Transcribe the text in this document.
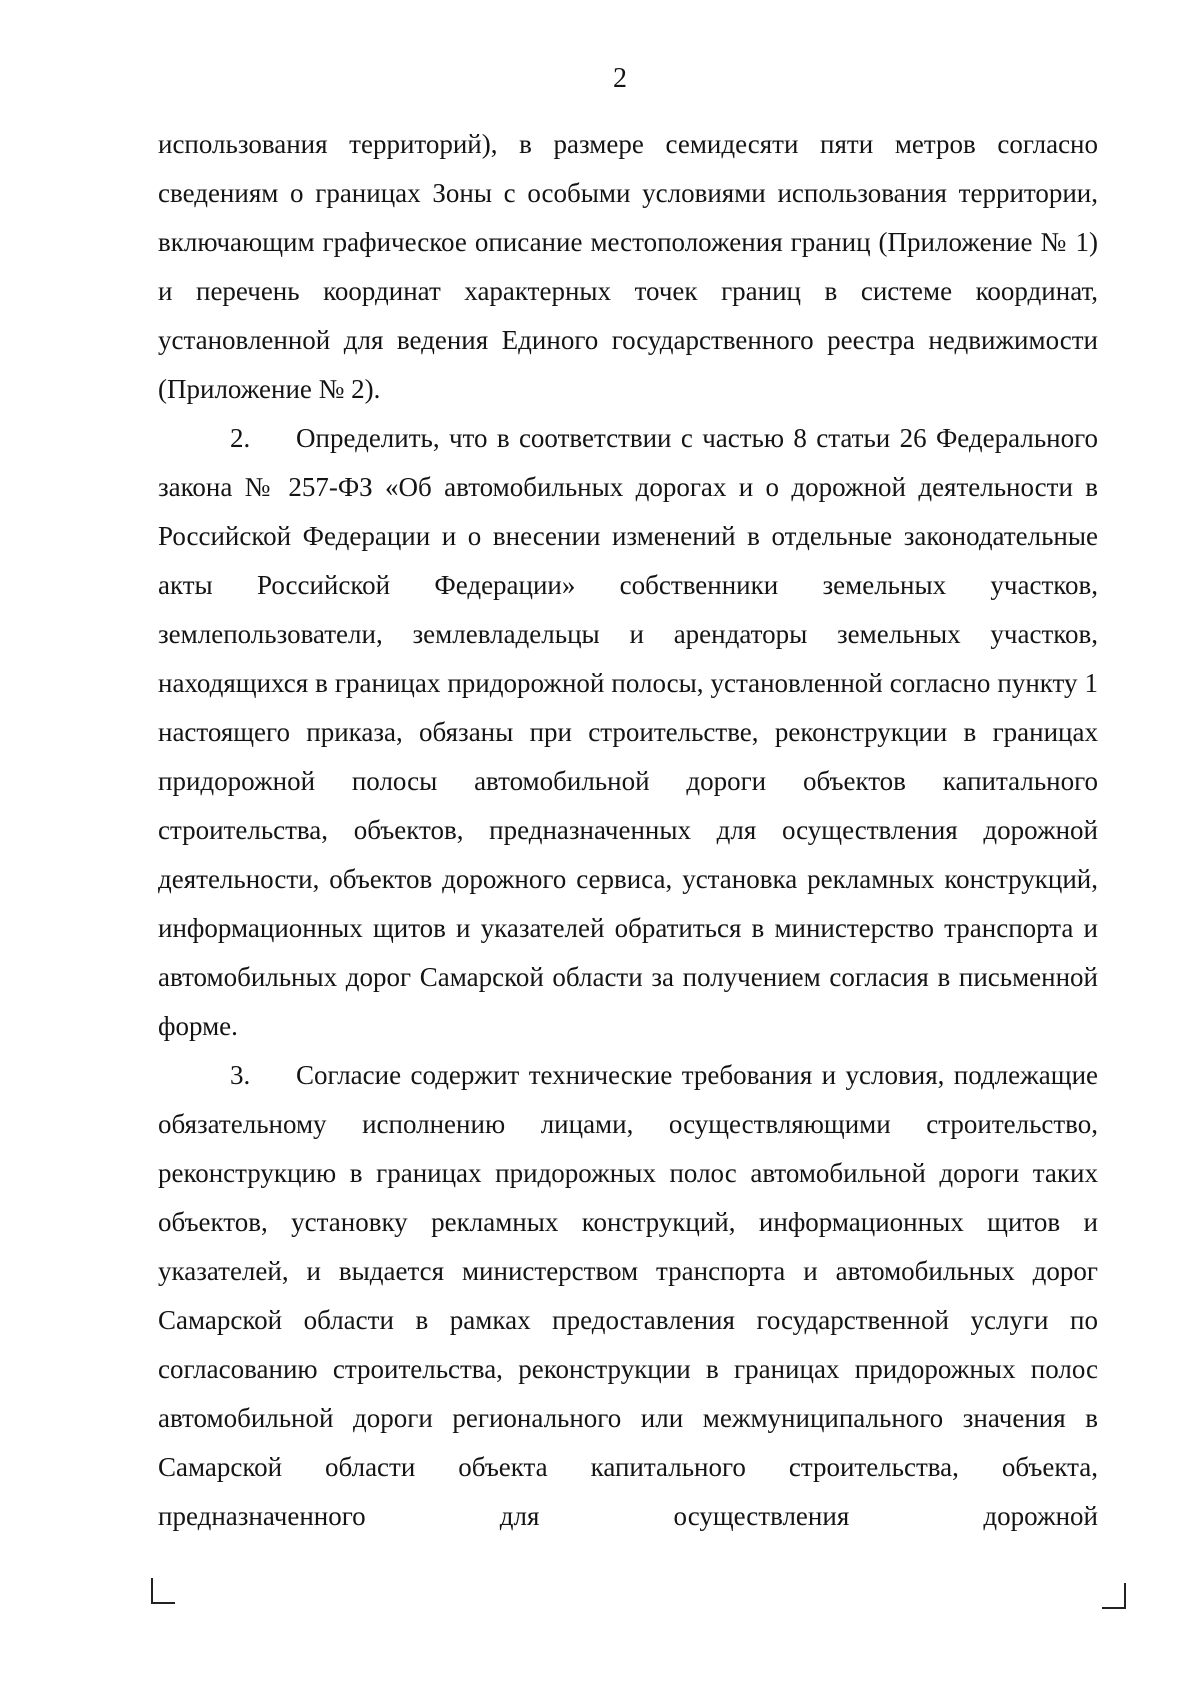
2

использования территорий), в размере семидесяти пяти метров согласно сведениям о границах Зоны с особыми условиями использования территории, включающим графическое описание местоположения границ (Приложение № 1) и перечень координат характерных точек границ в системе координат, установленной для ведения Единого государственного реестра недвижимости (Приложение № 2).

2. Определить, что в соответствии с частью 8 статьи 26 Федерального закона № 257-ФЗ «Об автомобильных дорогах и о дорожной деятельности в Российской Федерации и о внесении изменений в отдельные законодательные акты Российской Федерации» собственники земельных участков, землепользователи, землевладельцы и арендаторы земельных участков, находящихся в границах придорожной полосы, установленной согласно пункту 1 настоящего приказа, обязаны при строительстве, реконструкции в границах придорожной полосы автомобильной дороги объектов капитального строительства, объектов, предназначенных для осуществления дорожной деятельности, объектов дорожного сервиса, установка рекламных конструкций, информационных щитов и указателей обратиться в министерство транспорта и автомобильных дорог Самарской области за получением согласия в письменной форме.

3. Согласие содержит технические требования и условия, подлежащие обязательному исполнению лицами, осуществляющими строительство, реконструкцию в границах придорожных полос автомобильной дороги таких объектов, установку рекламных конструкций, информационных щитов и указателей, и выдается министерством транспорта и автомобильных дорог Самарской области в рамках предоставления государственной услуги по согласованию строительства, реконструкции в границах придорожных полос автомобильной дороги регионального или межмуниципального значения в Самарской области объекта капитального строительства, объекта, предназначенного для осуществления дорожной
